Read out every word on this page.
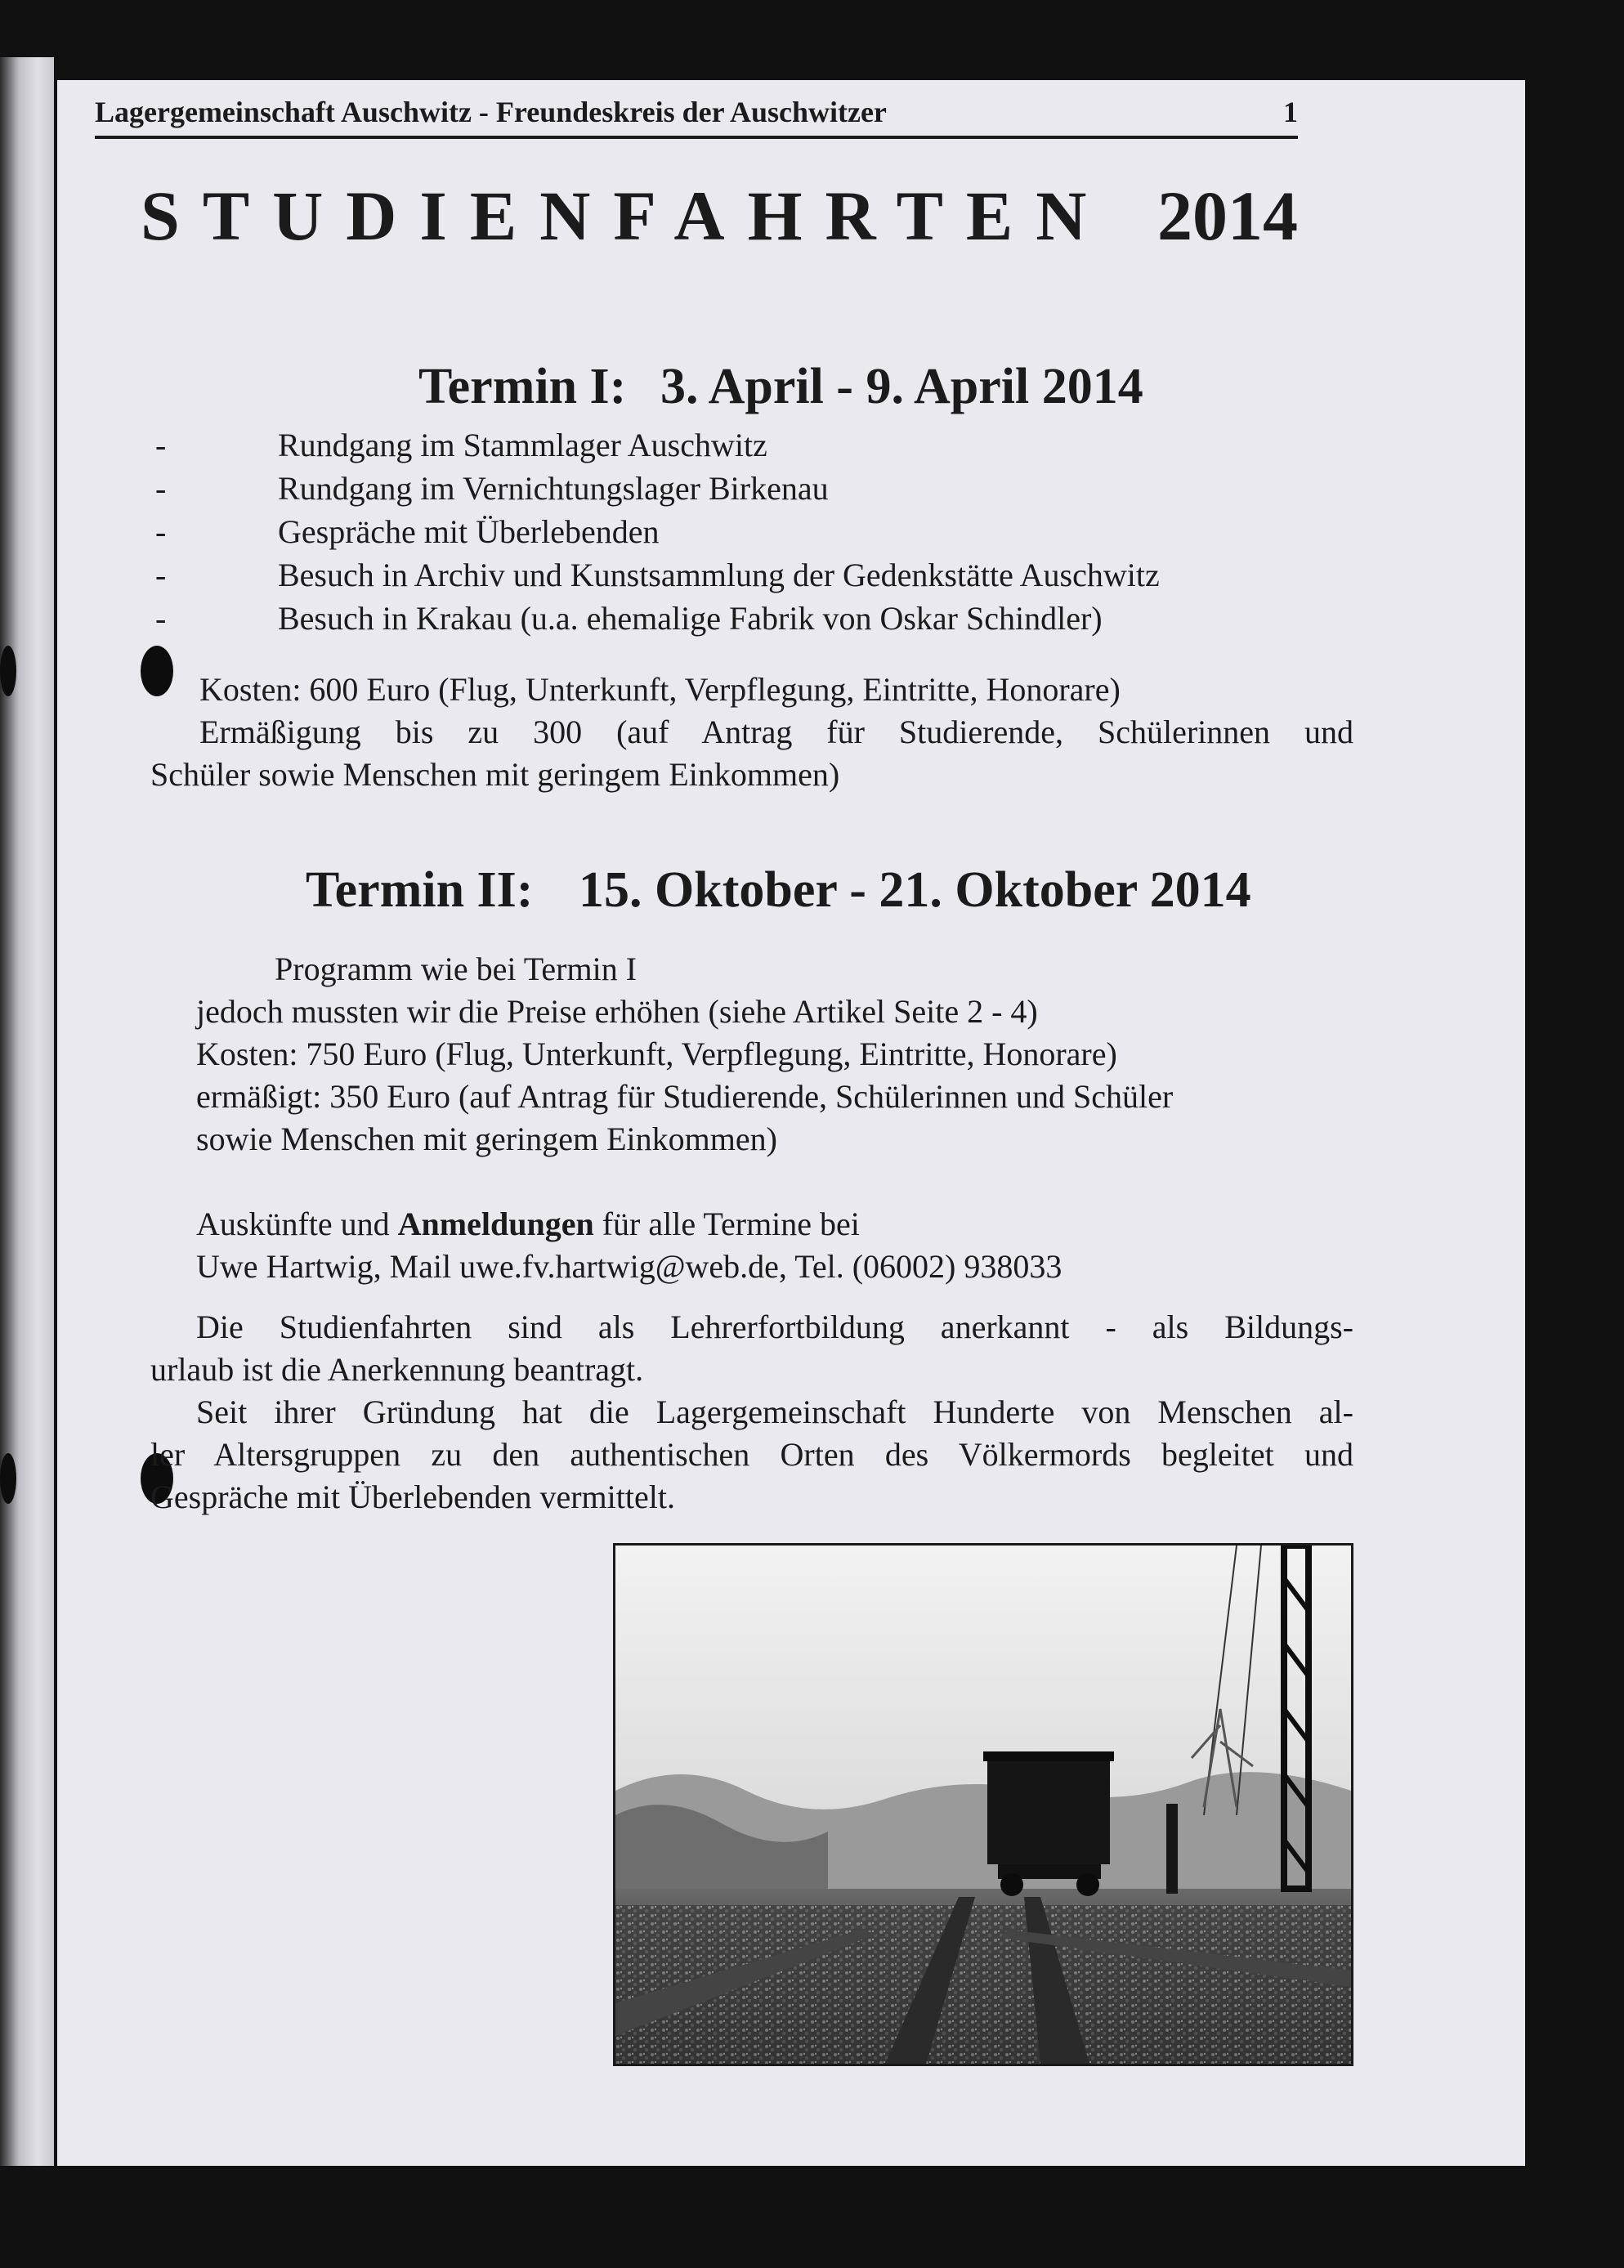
Lagergemeinschaft Auschwitz - Freundeskreis der Auschwitzer	1
STUDIENFAHRTEN 2014
Termin I: 3. April - 9. April 2014
-	Rundgang im Stammlager Auschwitz
-	Rundgang im Vernichtungslager Birkenau
-	Gespräche mit Überlebenden
-	Besuch in Archiv und Kunstsammlung der Gedenkstätte Auschwitz
-	Besuch in Krakau (u.a. ehemalige Fabrik von Oskar Schindler)
Kosten: 600 Euro (Flug, Unterkunft, Verpflegung, Eintritte, Honorare)
Ermäßigung bis zu 300 (auf Antrag für Studierende, Schülerinnen und
Schüler sowie Menschen mit geringem Einkommen)
Termin II: 15. Oktober - 21. Oktober 2014
Programm wie bei Termin I
jedoch mussten wir die Preise erhöhen (siehe Artikel Seite 2 - 4)
Kosten: 750 Euro (Flug, Unterkunft, Verpflegung, Eintritte, Honorare)
ermäßigt: 350 Euro (auf Antrag für Studierende, Schülerinnen und Schüler
sowie Menschen mit geringem Einkommen)
Auskünfte und Anmeldungen für alle Termine bei
Uwe Hartwig, Mail uwe.fv.hartwig@web.de, Tel. (06002) 938033
Die Studienfahrten sind als Lehrerfortbildung anerkannt - als Bildungs-
urlaub ist die Anerkennung beantragt.
Seit ihrer Gründung hat die Lagergemeinschaft Hunderte von Menschen al-
ler Altersgruppen zu den authentischen Orten des Völkermords begleitet und
Gespräche mit Überlebenden vermittelt.
